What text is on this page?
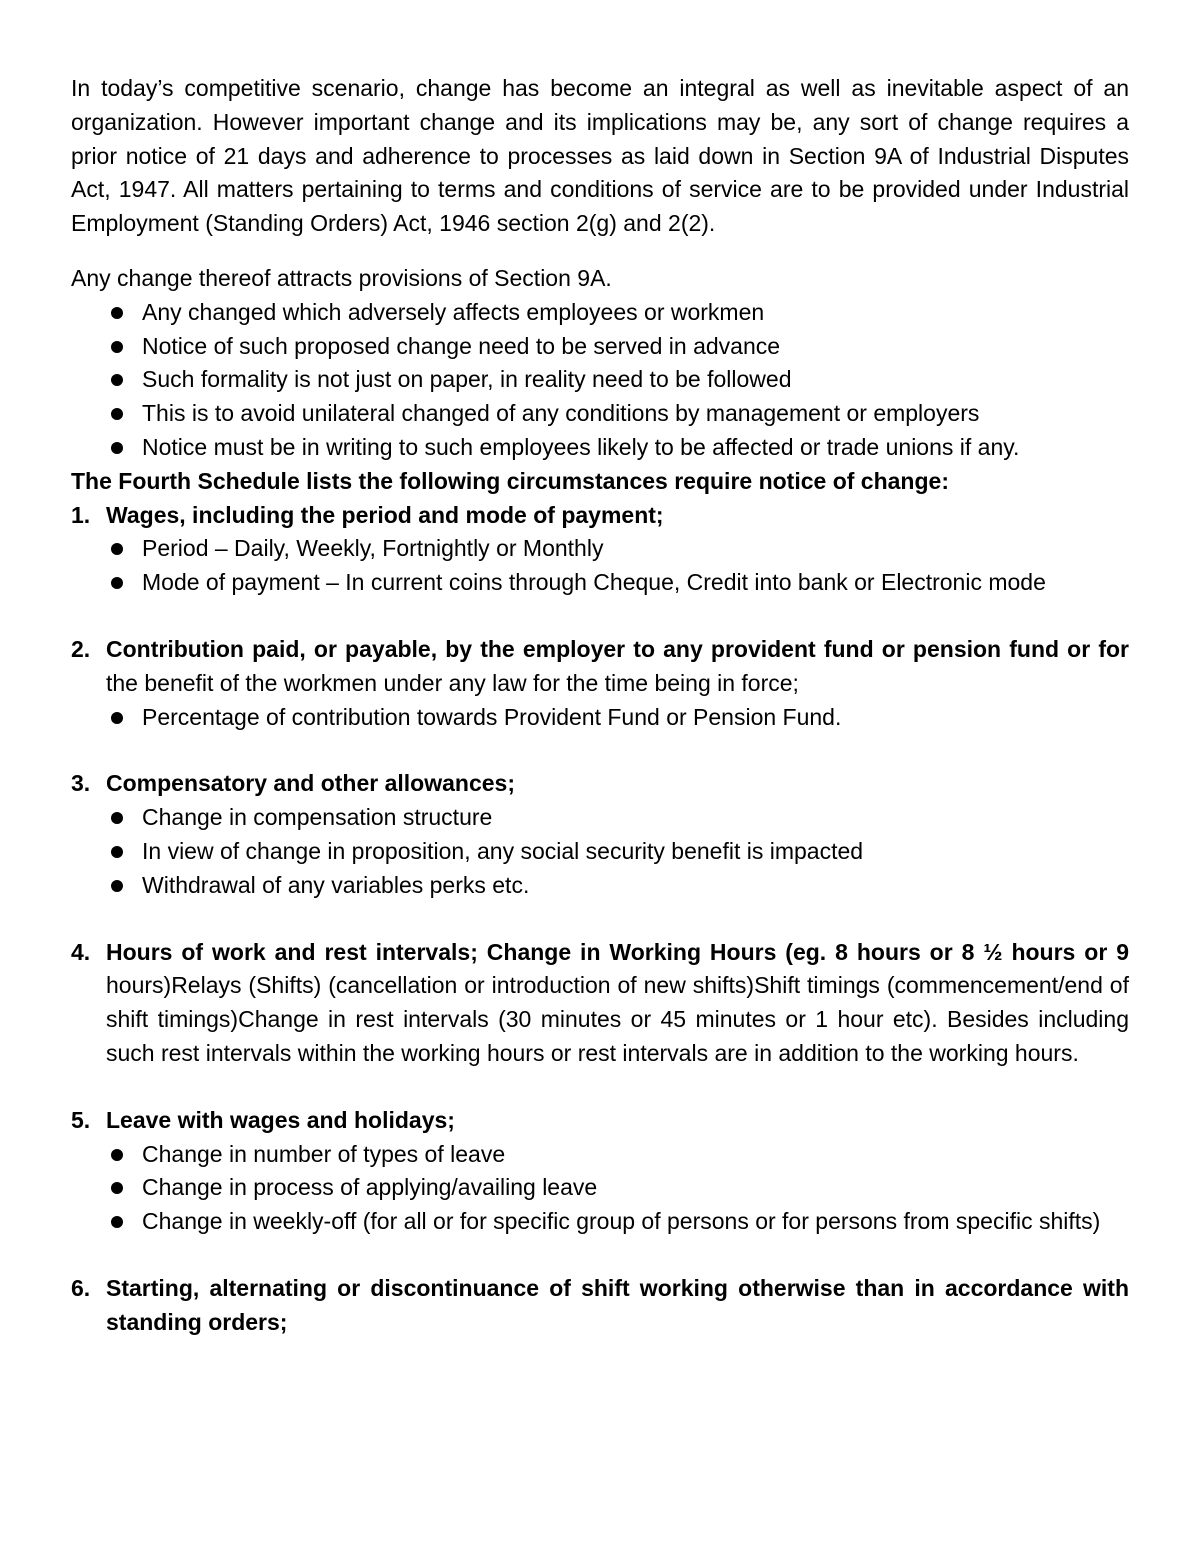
In today’s competitive scenario, change has become an integral as well as inevitable aspect of an organization. However important change and its implications may be, any sort of change requires a prior notice of 21 days and adherence to processes as laid down in Section 9A of Industrial Disputes Act, 1947. All matters pertaining to terms and conditions of service are to be provided under Industrial Employment (Standing Orders) Act, 1946 section 2(g) and 2(2).

Any change thereof attracts provisions of Section 9A.

Any changed which adversely affects employees or workmen
Notice of such proposed change need to be served in advance
Such formality is not just on paper, in reality need to be followed
This is to avoid unilateral changed of any conditions by management or employers
Notice must be in writing to such employees likely to be affected or trade unions if any.

The Fourth Schedule lists the following circumstances require notice of change:

1. Wages, including the period and mode of payment;

Period – Daily, Weekly, Fortnightly or Monthly
Mode of payment – In current coins through Cheque, Credit into bank or Electronic mode
2. Contribution paid, or payable, by the employer to any provident fund or pension fund or for the benefit of the workmen under any law for the time being in force;

Percentage of contribution towards Provident Fund or Pension Fund.
3. Compensatory and other allowances;

Change in compensation structure
In view of change in proposition, any social security benefit is impacted
Withdrawal of any variables perks etc.
4. Hours of work and rest intervals; Change in Working Hours (eg. 8 hours or 8 ½ hours or 9 hours)Relays (Shifts) (cancellation or introduction of new shifts)Shift timings (commencement/end of shift timings)Change in rest intervals (30 minutes or 45 minutes or 1 hour etc). Besides including such rest intervals within the working hours or rest intervals are in addition to the working hours.

5. Leave with wages and holidays;

Change in number of types of leave
Change in process of applying/availing leave
Change in weekly-off (for all or for specific group of persons or for persons from specific shifts)
6. Starting, alternating or discontinuance of shift working otherwise than in accordance with standing orders;
